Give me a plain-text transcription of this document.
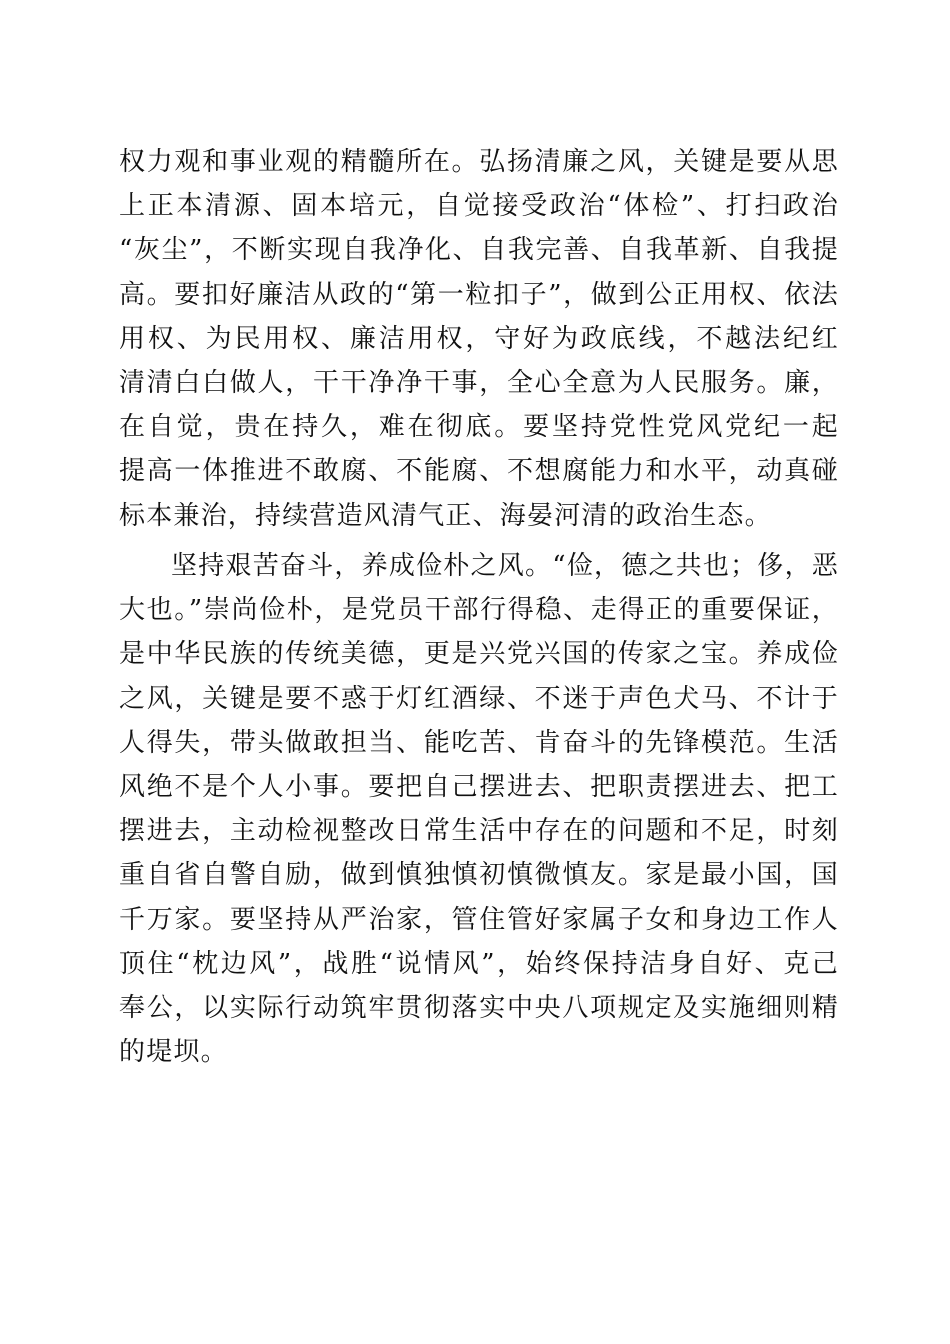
权力观和事业观的精髓所在。弘扬清廉之风，关键是要从思
上正本清源、固本培元，自觉接受政治“体检”、打扫政治
“灰尘”，不断实现自我净化、自我完善、自我革新、自我提
高。要扣好廉洁从政的“第一粒扣子”，做到公正用权、依法
用权、为民用权、廉洁用权，守好为政底线，不越法纪红
清清白白做人，干干净净干事，全心全意为人民服务。廉，
在自觉，贵在持久，难在彻底。要坚持党性党风党纪一起
提高一体推进不敢腐、不能腐、不想腐能力和水平，动真碰
标本兼治，持续营造风清气正、海晏河清的政治生态。
坚持艰苦奋斗，养成俭朴之风。“俭，德之共也；侈，恶
大也。”崇尚俭朴，是党员干部行得稳、走得正的重要保证，
是中华民族的传统美德，更是兴党兴国的传家之宝。养成俭
之风，关键是要不惑于灯红酒绿、不迷于声色犬马、不计于
人得失，带头做敢担当、能吃苦、肯奋斗的先锋模范。生活
风绝不是个人小事。要把自己摆进去、把职责摆进去、把工
摆进去，主动检视整改日常生活中存在的问题和不足，时刻
重自省自警自励，做到慎独慎初慎微慎友。家是最小国，国
千万家。要坚持从严治家，管住管好家属子女和身边工作人
顶住“枕边风”，战胜“说情风”，始终保持洁身自好、克己
奉公，以实际行动筑牢贯彻落实中央八项规定及实施细则精
的堤坝。
